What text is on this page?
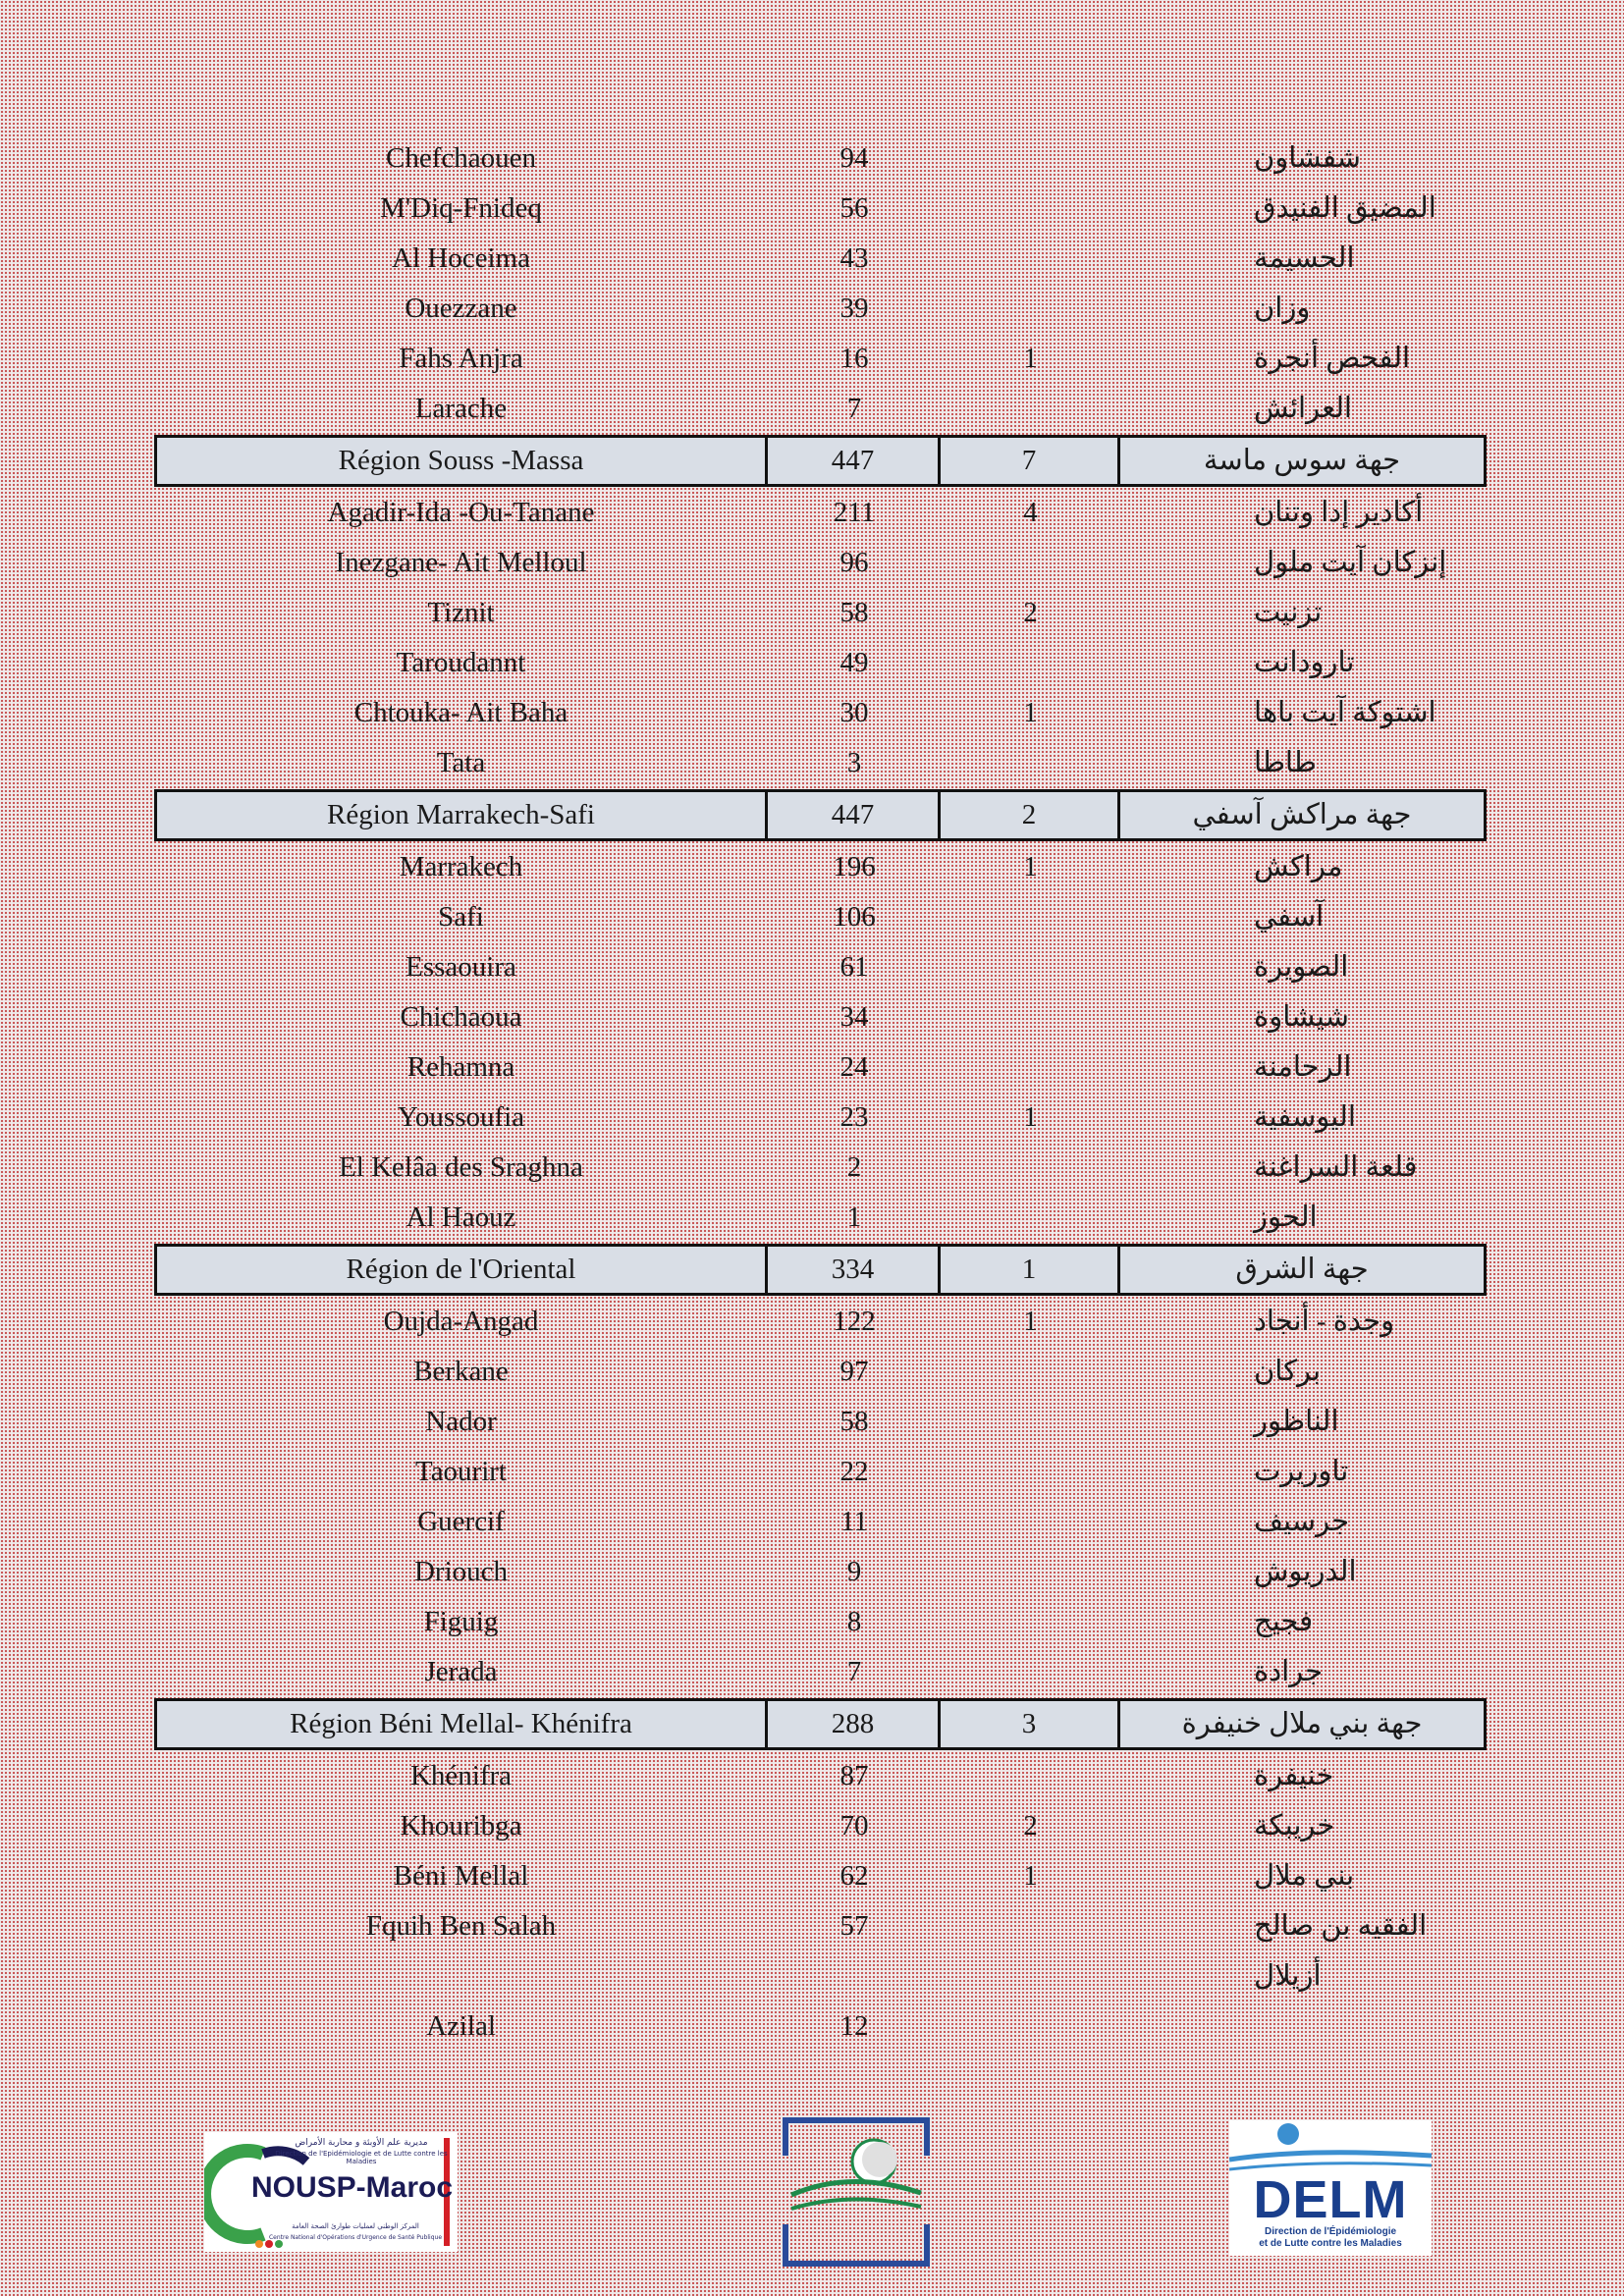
Chefchaouen	94	شفشاون
M'Diq-Fnideq	56	المضيق الفنيدق
Al Hoceima	43	الحسيمة
Ouezzane	39	وزان
Fahs Anjra	16	1	الفحص أنجرة
Larache	7	العرائش
Région Souss -Massa	447	7	جهة سوس ماسة
Agadir-Ida -Ou-Tanane	211	4	أكادير إدا وتنان
Inezgane- Ait Melloul	96	إنزكان آيت ملول
Tiznit	58	2	تزنيت
Taroudannt	49	تارودانت
Chtouka- Ait Baha	30	1	اشتوكة آيت باها
Tata	3	طاطا
Région Marrakech-Safi	447	2	جهة مراكش آسفي
Marrakech	196	1	مراكش
Safi	106	آسفي
Essaouira	61	الصويرة
Chichaoua	34	شيشاوة
Rehamna	24	الرحامنة
Youssoufia	23	1	اليوسفية
El Kelâa des Sraghna	2	قلعة السراغنة
Al Haouz	1	الحوز
Région de l'Oriental	334	1	جهة الشرق
Oujda-Angad	122	1	وجدة - أنجاد
Berkane	97	بركان
Nador	58	الناظور
Taourirt	22	تاوريرت
Guercif	11	جرسيف
Driouch	9	الدريوش
Figuig	8	فجيج
Jerada	7	جرادة
Région Béni Mellal- Khénifra	288	3	جهة بني ملال خنيفرة
Khénifra	87	خنيفرة
Khouribga	70	2	خريبكة
Béni Mellal	62	1	بني ملال
Fquih Ben Salah	57	الفقيه بن صالح
Azilal	12
أزيلال
مديرية علم الأوبئة و محاربة الأمراض
Direction de l'Epidémiologie et de Lutte contre les Maladies
NOUSP-Maroc
المركز الوطني لعمليات طوارئ الصحة العامة
Centre National d'Opérations d'Urgence de Santé Publique
DELM
Direction de l'Épidémiologie
et de Lutte contre les Maladies
